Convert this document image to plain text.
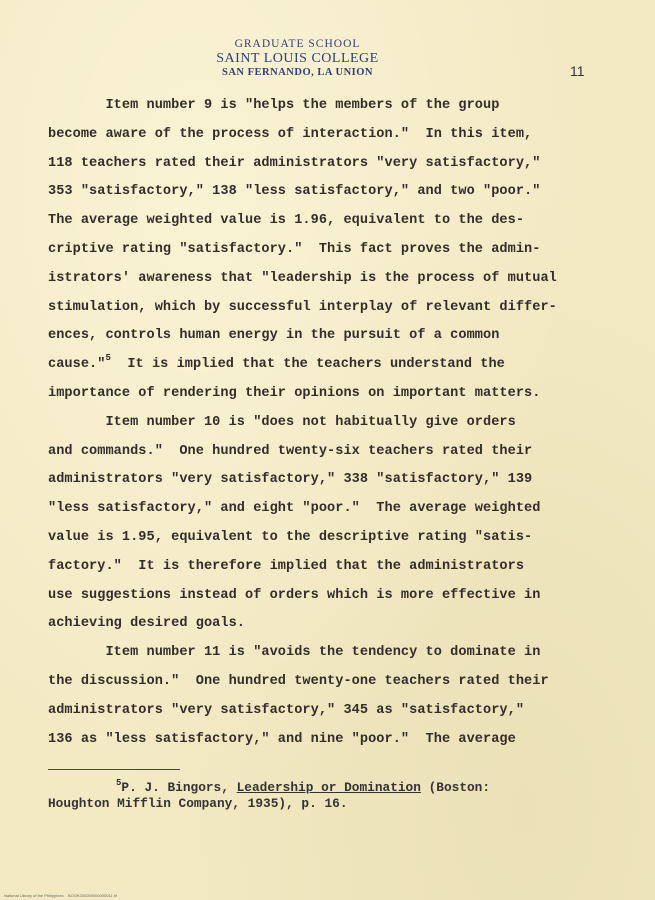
GRADUATE SCHOOL
SAINT LOUIS COLLEGE
SAN FERNANDO, LA UNION	11
Item number 9 is "helps the members of the group
become aware of the process of interaction."  In this item,
118 teachers rated their administrators "very satisfactory,"
353 "satisfactory," 138 "less satisfactory," and two "poor."
The average weighted value is 1.96, equivalent to the des-
criptive rating "satisfactory."  This fact proves the admin-
istrators' awareness that "leadership is the process of mutual
stimulation, which by successful interplay of relevant differ-
ences, controls human energy in the pursuit of a common
cause."$^5$  It is implied that the teachers understand the
importance of rendering their opinions on important matters.
Item number 10 is "does not habitually give orders
and commands."  One hundred twenty-six teachers rated their
administrators "very satisfactory," 338 "satisfactory," 139
"less satisfactory," and eight "poor."  The average weighted
value is 1.95, equivalent to the descriptive rating "satis-
factory."  It is therefore implied that the administrators
use suggestions instead of orders which is more effective in
achieving desired goals.
Item number 11 is "avoids the tendency to dominate in
the discussion."  One hundred twenty-one teachers rated their
administrators "very satisfactory," 345 as "satisfactory,"
136 as "less satisfactory," and nine "poor."  The average
$^5$P. J. Bingors, Leadership or Domination (Boston:
Houghton Mifflin Company, 1935), p. 16.
National Library of the Philippines    BOOK000000000000011 tif
